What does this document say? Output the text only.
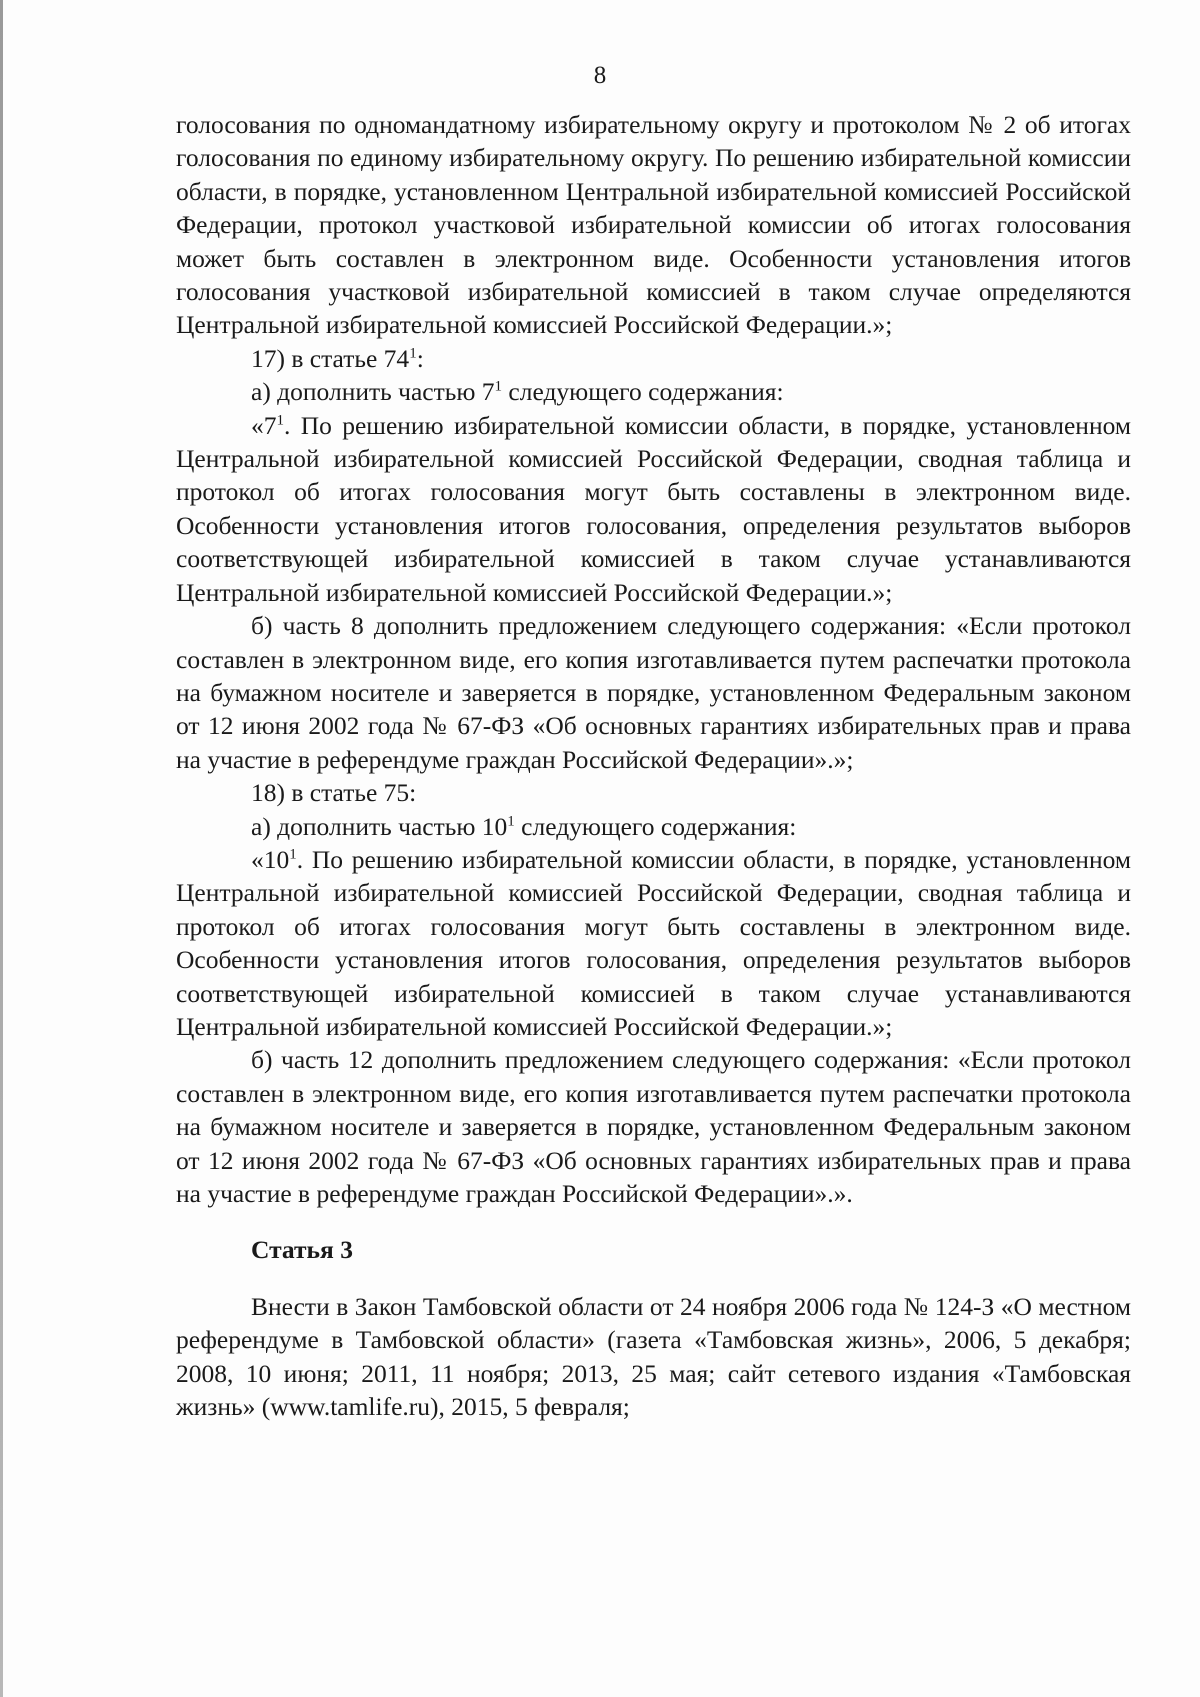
8

голосования по одномандатному избирательному округу и протоколом № 2 об итогах голосования по единому избирательному округу. По решению избирательной комиссии области, в порядке, установленном Центральной избирательной комиссией Российской Федерации, протокол участковой избирательной комиссии об итогах голосования может быть составлен в электронном виде. Особенности установления итогов голосования участковой избирательной комиссией в таком случае определяются Центральной избирательной комиссией Российской Федерации.»;

17) в статье $74^1$:

а) дополнить частью $7^1$ следующего содержания:

«$7^1$. По решению избирательной комиссии области, в порядке, установленном Центральной избирательной комиссией Российской Федерации, сводная таблица и протокол об итогах голосования могут быть составлены в электронном виде. Особенности установления итогов голосования, определения результатов выборов соответствующей избирательной комиссией в таком случае устанавливаются Центральной избирательной комиссией Российской Федерации.»;

б) часть 8 дополнить предложением следующего содержания: «Если протокол составлен в электронном виде, его копия изготавливается путем распечатки протокола на бумажном носителе и заверяется в порядке, установленном Федеральным законом от 12 июня 2002 года № 67-ФЗ «Об основных гарантиях избирательных прав и права на участие в референдуме граждан Российской Федерации».»;

18) в статье 75:

а) дополнить частью $10^1$ следующего содержания:

«$10^1$. По решению избирательной комиссии области, в порядке, установленном Центральной избирательной комиссией Российской Федерации, сводная таблица и протокол об итогах голосования могут быть составлены в электронном виде. Особенности установления итогов голосования, определения результатов выборов соответствующей избирательной комиссией в таком случае устанавливаются Центральной избирательной комиссией Российской Федерации.»;

б) часть 12 дополнить предложением следующего содержания: «Если протокол составлен в электронном виде, его копия изготавливается путем распечатки протокола на бумажном носителе и заверяется в порядке, установленном Федеральным законом от 12 июня 2002 года № 67-ФЗ «Об основных гарантиях избирательных прав и права на участие в референдуме граждан Российской Федерации».».

Статья 3

Внести в Закон Тамбовской области от 24 ноября 2006 года № 124-З «О местном референдуме в Тамбовской области» (газета «Тамбовская жизнь», 2006, 5 декабря; 2008, 10 июня; 2011, 11 ноября; 2013, 25 мая; сайт сетевого издания «Тамбовская жизнь» (www.tamlife.ru), 2015, 5 февраля;
